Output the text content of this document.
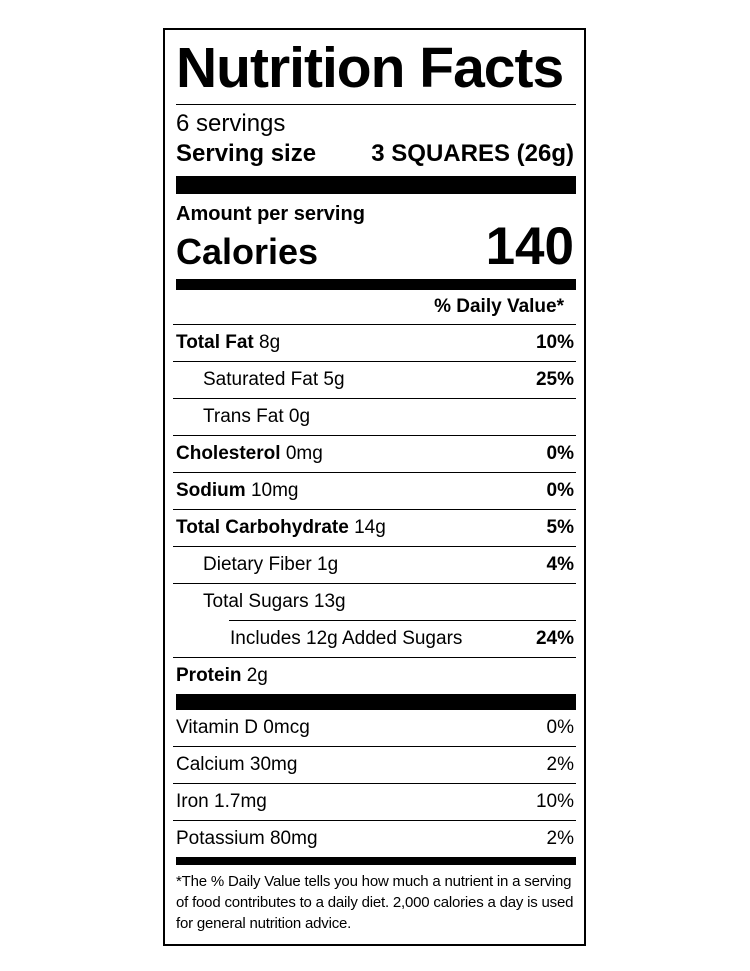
Nutrition Facts
6 servings
Serving size 3 SQUARES (26g)
Amount per serving
Calories	140
% Daily Value*
Total Fat 8g	10%
Saturated Fat 5g	25%
Trans Fat 0g
Cholesterol 0mg	0%
Sodium 10mg	0%
Total Carbohydrate 14g	5%
Dietary Fiber 1g	4%
Total Sugars 13g
Includes 12g Added Sugars	24%
Protein 2g
Vitamin D 0mcg	0%
Calcium 30mg	2%
Iron 1.7mg	10%
Potassium 80mg	2%
*The % Daily Value tells you how much a nutrient in a serving
of food contributes to a daily diet. 2,000 calories a day is used
for general nutrition advice.
